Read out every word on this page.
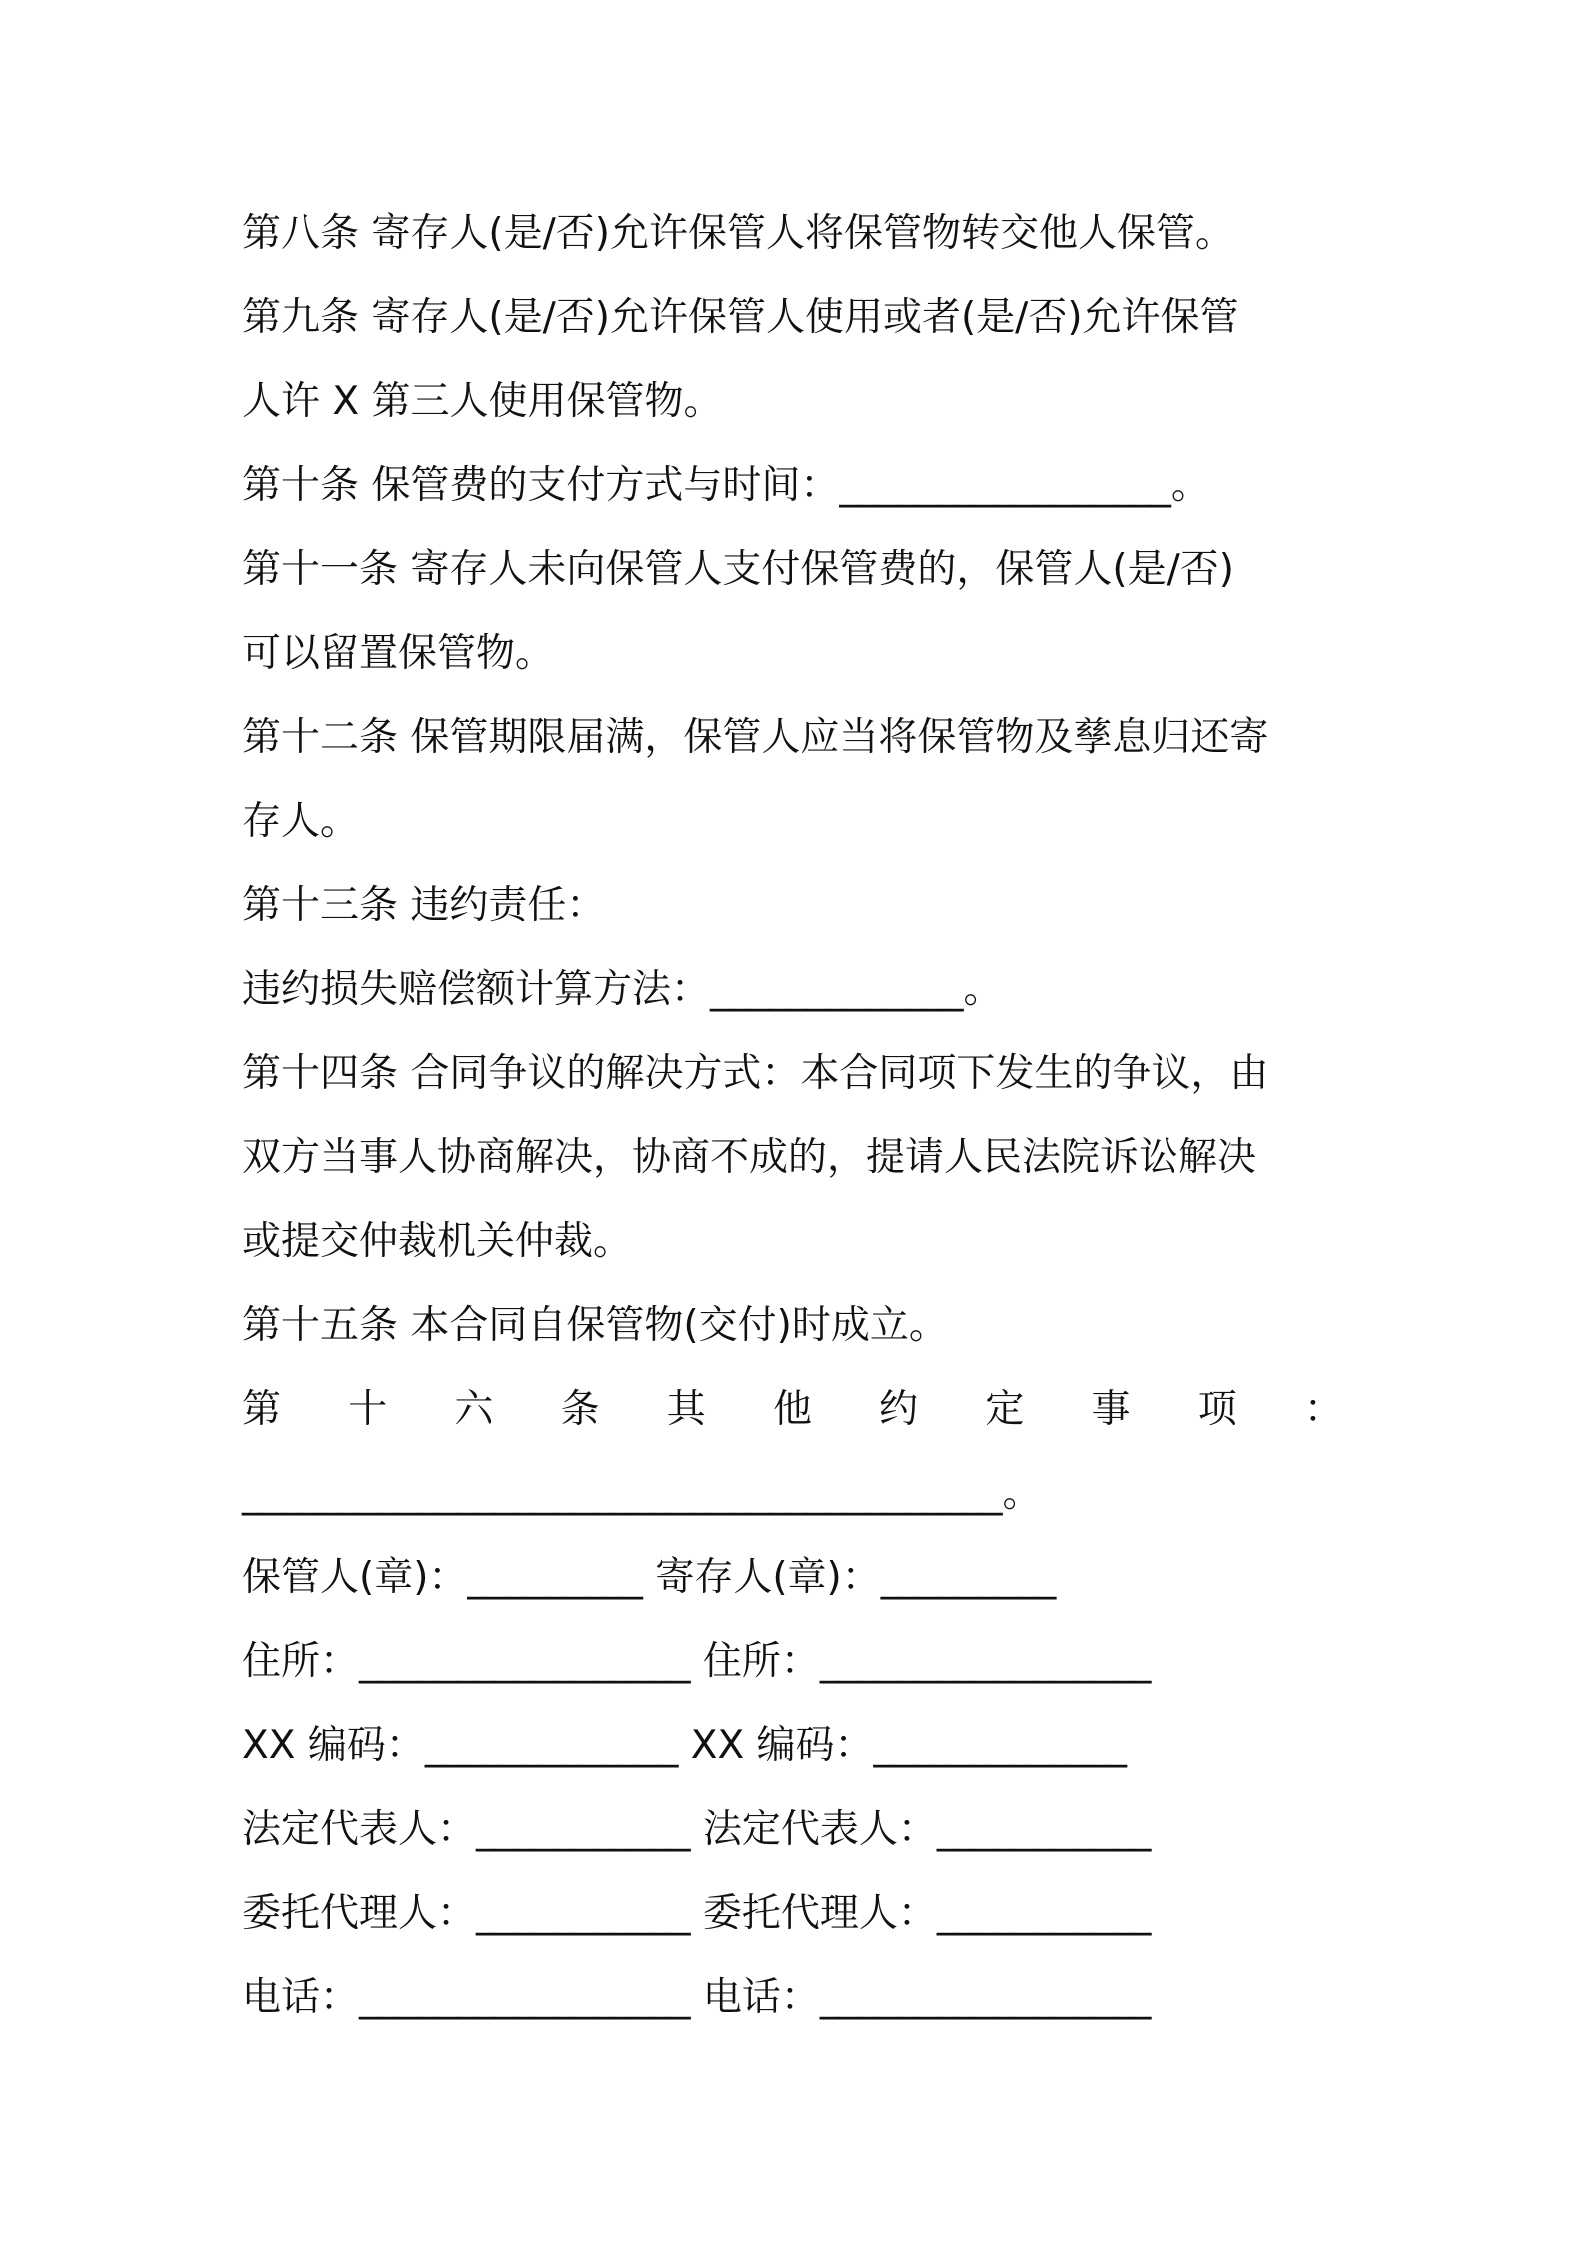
第八条 寄存人(是/否)允许保管人将保管物转交他人保管。

第九条 寄存人(是/否)允许保管人使用或者(是/否)允许保管

人许 X 第三人使用保管物。

第十条 保管费的支付方式与时间：_________________。

第十一条 寄存人未向保管人支付保管费的，保管人(是/否)

可以留置保管物。

第十二条 保管期限届满，保管人应当将保管物及孳息归还寄

存人。

第十三条 违约责任：

违约损失赔偿额计算方法：_____________。

第十四条 合同争议的解决方式：本合同项下发生的争议，由

双方当事人协商解决，协商不成的，提请人民法院诉讼解决

或提交仲裁机关仲裁。

第十五条 本合同自保管物(交付)时成立。

第 十 六 条 其 他 约 定 事 项 ：

_______________________________________。

保管人(章)：_________ 寄存人(章)：_________

住所：_________________ 住所：_________________

XX 编码：_____________ XX 编码：_____________

法定代表人：___________ 法定代表人：___________

委托代理人：___________ 委托代理人：___________

电话：_________________ 电话：_________________
